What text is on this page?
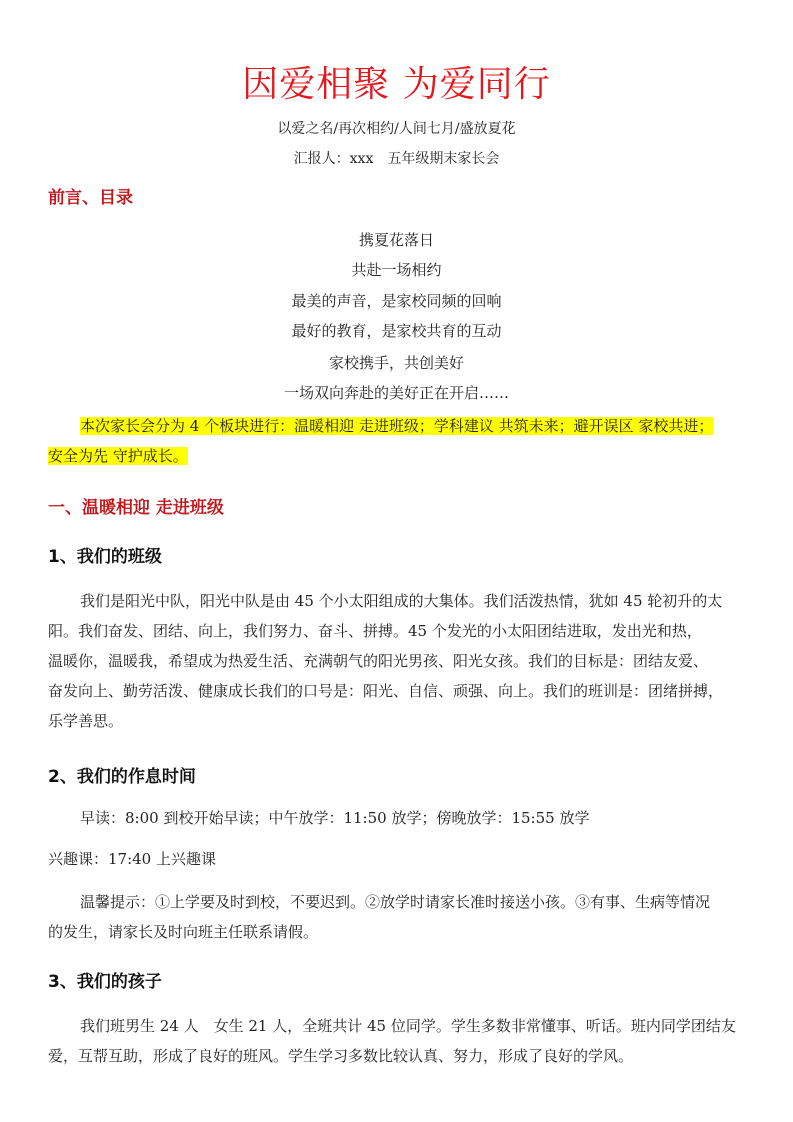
因爱相聚 为爱同行
以爱之名/再次相约/人间七月/盛放夏花
汇报人：xxx　五年级期末家长会
前言、目录
携夏花落日
共赴一场相约
最美的声音，是家校同频的回响
最好的教育，是家校共育的互动
家校携手，共创美好
一场双向奔赴的美好正在开启……
本次家长会分为 4 个板块进行：温暖相迎 走进班级；学科建议 共筑未来；避开误区 家校共进；
安全为先 守护成长。
一、温暖相迎 走进班级
1、我们的班级
我们是阳光中队，阳光中队是由 45 个小太阳组成的大集体。我们活泼热情，犹如 45 轮初升的太
阳。我们奋发、团结、向上，我们努力、奋斗、拼搏。45 个发光的小太阳团结进取，发出光和热，
温暖你，温暖我，希望成为热爱生活、充满朝气的阳光男孩、阳光女孩。我们的目标是：团结友爱、
奋发向上、勤劳活泼、健康成长我们的口号是：阳光、自信、顽强、向上。我们的班训是：团绪拼搏，
乐学善思。
2、我们的作息时间
早读：8:00 到校开始早读；中午放学：11:50 放学；傍晚放学：15:55 放学
兴趣课：17:40 上兴趣课
温馨提示：①上学要及时到校，不要迟到。②放学时请家长准时接送小孩。③有事、生病等情况
的发生，请家长及时向班主任联系请假。
3、我们的孩子
我们班男生 24 人　女生 21 人，全班共计 45 位同学。学生多数非常懂事、听话。班内同学团结友
爱，互帮互助，形成了良好的班风。学生学习多数比较认真、努力，形成了良好的学风。
